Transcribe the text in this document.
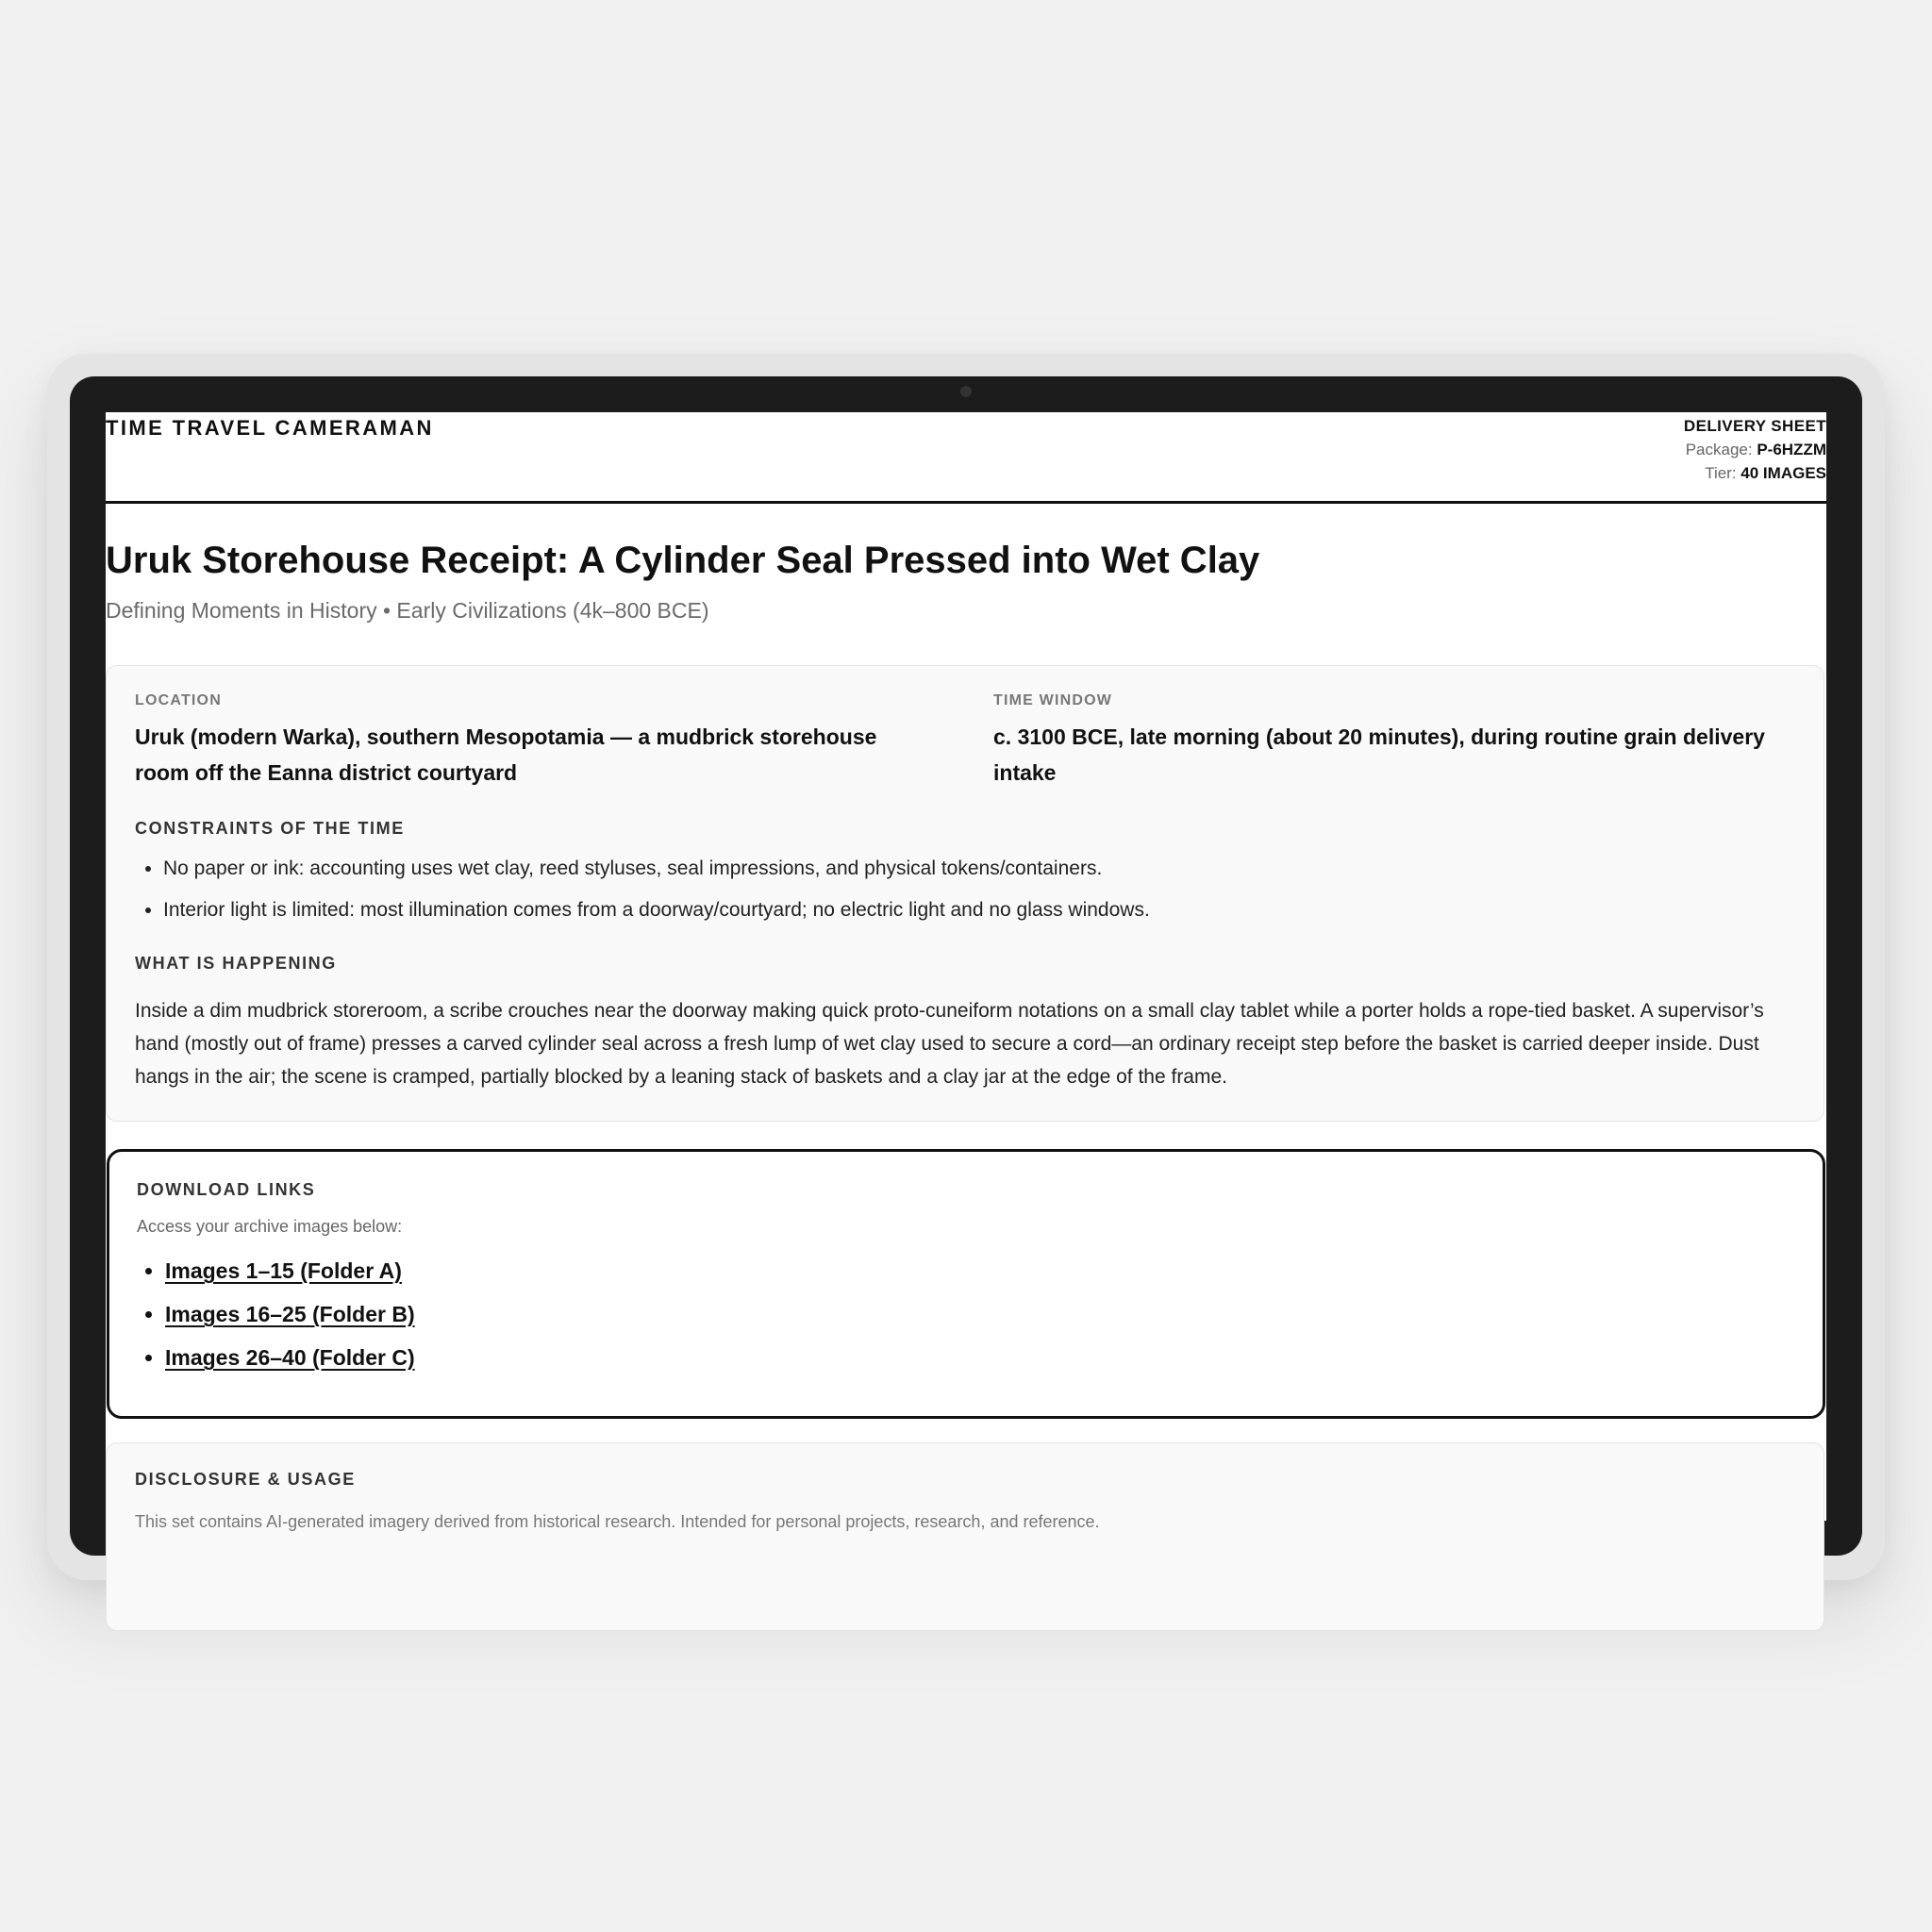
TIME TRAVEL CAMERAMAN	DELIVERY SHEET
Package: P-6HZZM
Tier: 40 IMAGES
Uruk Storehouse Receipt: A Cylinder Seal Pressed into Wet Clay
Defining Moments in History • Early Civilizations (4k–800 BCE)
LOCATION
Uruk (modern Warka), southern Mesopotamia — a mudbrick storehouse room off the Eanna district courtyard
TIME WINDOW
c. 3100 BCE, late morning (about 20 minutes), during routine grain delivery intake
CONSTRAINTS OF THE TIME
• No paper or ink: accounting uses wet clay, reed styluses, seal impressions, and physical tokens/containers.
• Interior light is limited: most illumination comes from a doorway/courtyard; no electric light and no glass windows.
WHAT IS HAPPENING
Inside a dim mudbrick storeroom, a scribe crouches near the doorway making quick proto-cuneiform notations on a small clay tablet while a porter holds a rope-tied basket. A supervisor’s hand (mostly out of frame) presses a carved cylinder seal across a fresh lump of wet clay used to secure a cord—an ordinary receipt step before the basket is carried deeper inside. Dust hangs in the air; the scene is cramped, partially blocked by a leaning stack of baskets and a clay jar at the edge of the frame.
DOWNLOAD LINKS
Access your archive images below:
• Images 1–15 (Folder A)
• Images 16–25 (Folder B)
• Images 26–40 (Folder C)
DISCLOSURE & USAGE
This set contains AI-generated imagery derived from historical research. Intended for personal projects, research, and reference.
